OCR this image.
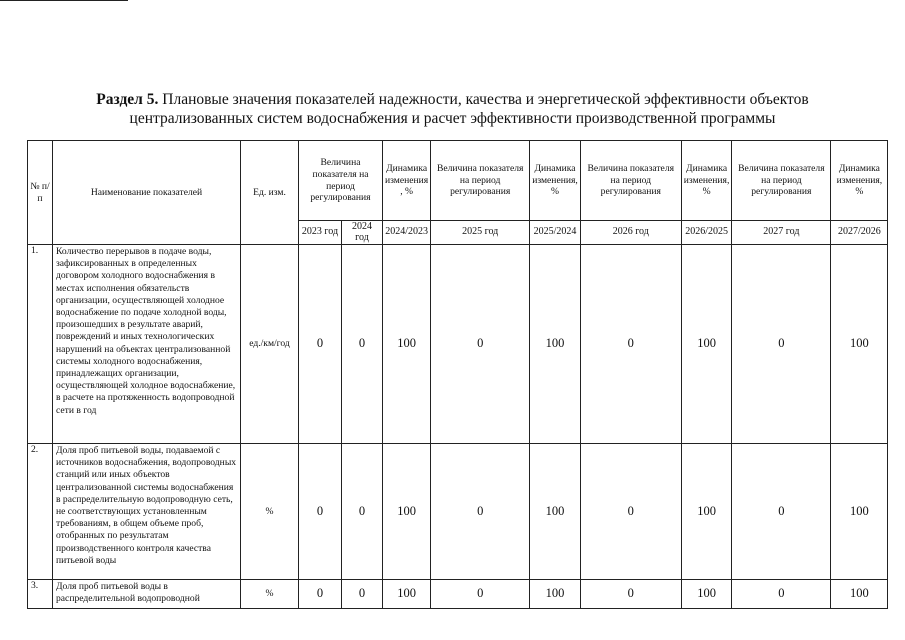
Раздел 5. Плановые значения показателей надежности, качества и энергетической эффективности объектов централизованных систем водоснабжения и расчет эффективности производственной программы
№ п/п	Наименование показателей	Ед. изм.	Величина показателя на период регулирования		Динамика изменения , %	Величина показателя на период регулирования	Динамика изменения, %	Величина показателя на период регулирования	Динамика изменения, %	Величина показателя на период регулирования	Динамика изменения, %
			2023 год	2024 год	2024/2023	2025 год	2025/2024	2026 год	2026/2025	2027 год	2027/2026
1.	Количество перерывов в подаче воды, зафиксированных в определенных договором холодного водоснабжения в местах исполнения обязательств организации, осуществляющей холодное водоснабжение по подаче холодной воды, произошедших в результате аварий, повреждений и иных технологических нарушений на объектах централизованной системы холодного водоснабжения, принадлежащих организации, осуществляющей холодное водоснабжение, в расчете на протяженность водопроводной сети в год	ед./км/год	0	0	100	0	100	0	100	0	100
2.	Доля проб питьевой воды, подаваемой с источников водоснабжения, водопроводных станций или иных объектов централизованной системы водоснабжения в распределительную водопроводную сеть, не соответствующих установленным требованиям, в общем объеме проб, отобранных по результатам производственного контроля качества питьевой воды	%	0	0	100	0	100	0	100	0	100
3.	Доля проб питьевой воды в распределительной водопроводной	%	0	0	100	0	100	0	100	0	100
